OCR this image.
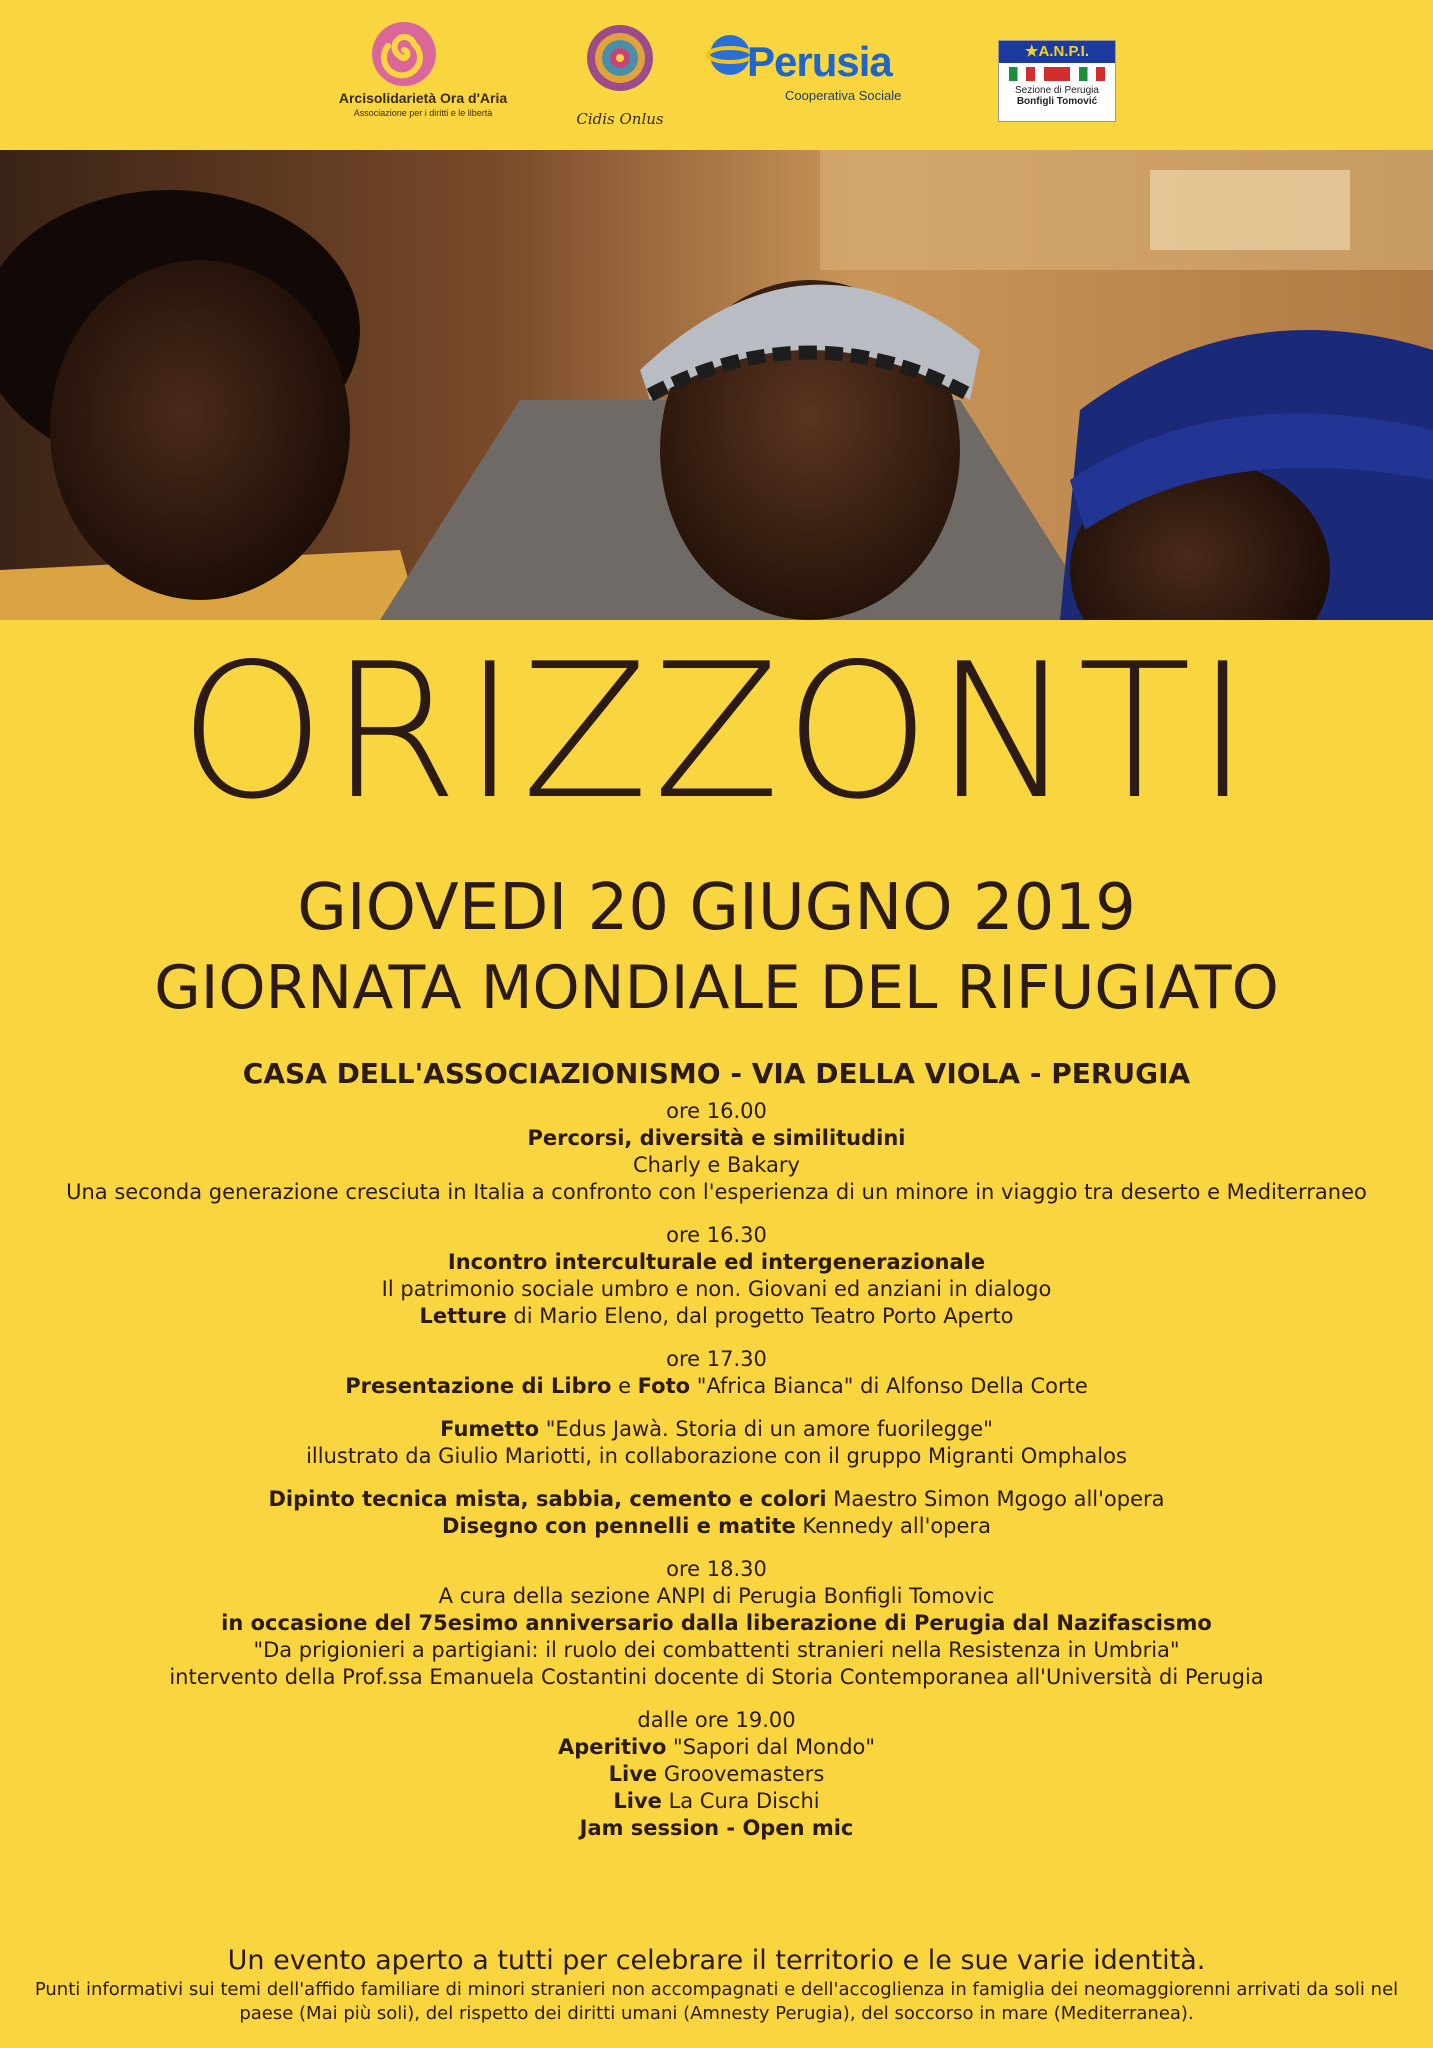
Arcisolidarietà Ora d'Aria
Associazione per i diritti e le libertà	Cidis Onlus
Perusia
Cooperativa Sociale
★A.N.P.I.
Sezione di Perugia
Bonfigli Tomović
ORIZZONTI
GIOVEDI 20 GIUGNO 2019
GIORNATA MONDIALE DEL RIFUGIATO
CASA DELL'ASSOCIAZIONISMO - VIA DELLA VIOLA - PERUGIA

ore 16.00

Percorsi, diversità e similitudini

Charly e Bakary

Una seconda generazione cresciuta in Italia a confronto con l'esperienza di un minore in viaggio tra deserto e Mediterraneo

ore 16.30

Incontro interculturale ed intergenerazionale

Il patrimonio sociale umbro e non. Giovani ed anziani in dialogo

Letture di Mario Eleno, dal progetto Teatro Porto Aperto

ore 17.30

Presentazione di Libro e Foto "Africa Bianca" di Alfonso Della Corte

Fumetto "Edus Jawà. Storia di un amore fuorilegge"

illustrato da Giulio Mariotti, in collaborazione con il gruppo Migranti Omphalos

Dipinto tecnica mista, sabbia, cemento e colori Maestro Simon Mgogo all'opera

Disegno con pennelli e matite Kennedy all'opera

ore 18.30

A cura della sezione ANPI di Perugia Bonfigli Tomovic

in occasione del 75esimo anniversario dalla liberazione di Perugia dal Nazifascismo

"Da prigionieri a partigiani: il ruolo dei combattenti stranieri nella Resistenza in Umbria"

intervento della Prof.ssa Emanuela Costantini docente di Storia Contemporanea all'Università di Perugia

dalle ore 19.00

Aperitivo "Sapori dal Mondo"

Live Groovemasters

Live La Cura Dischi

Jam session - Open mic

Un evento aperto a tutti per celebrare il territorio e le sue varie identità.

Punti informativi sui temi dell'affido familiare di minori stranieri non accompagnati e dell'accoglienza in famiglia dei neomaggiorenni arrivati da soli nel paese (Mai più soli), del rispetto dei diritti umani (Amnesty Perugia), del soccorso in mare (Mediterranea).
